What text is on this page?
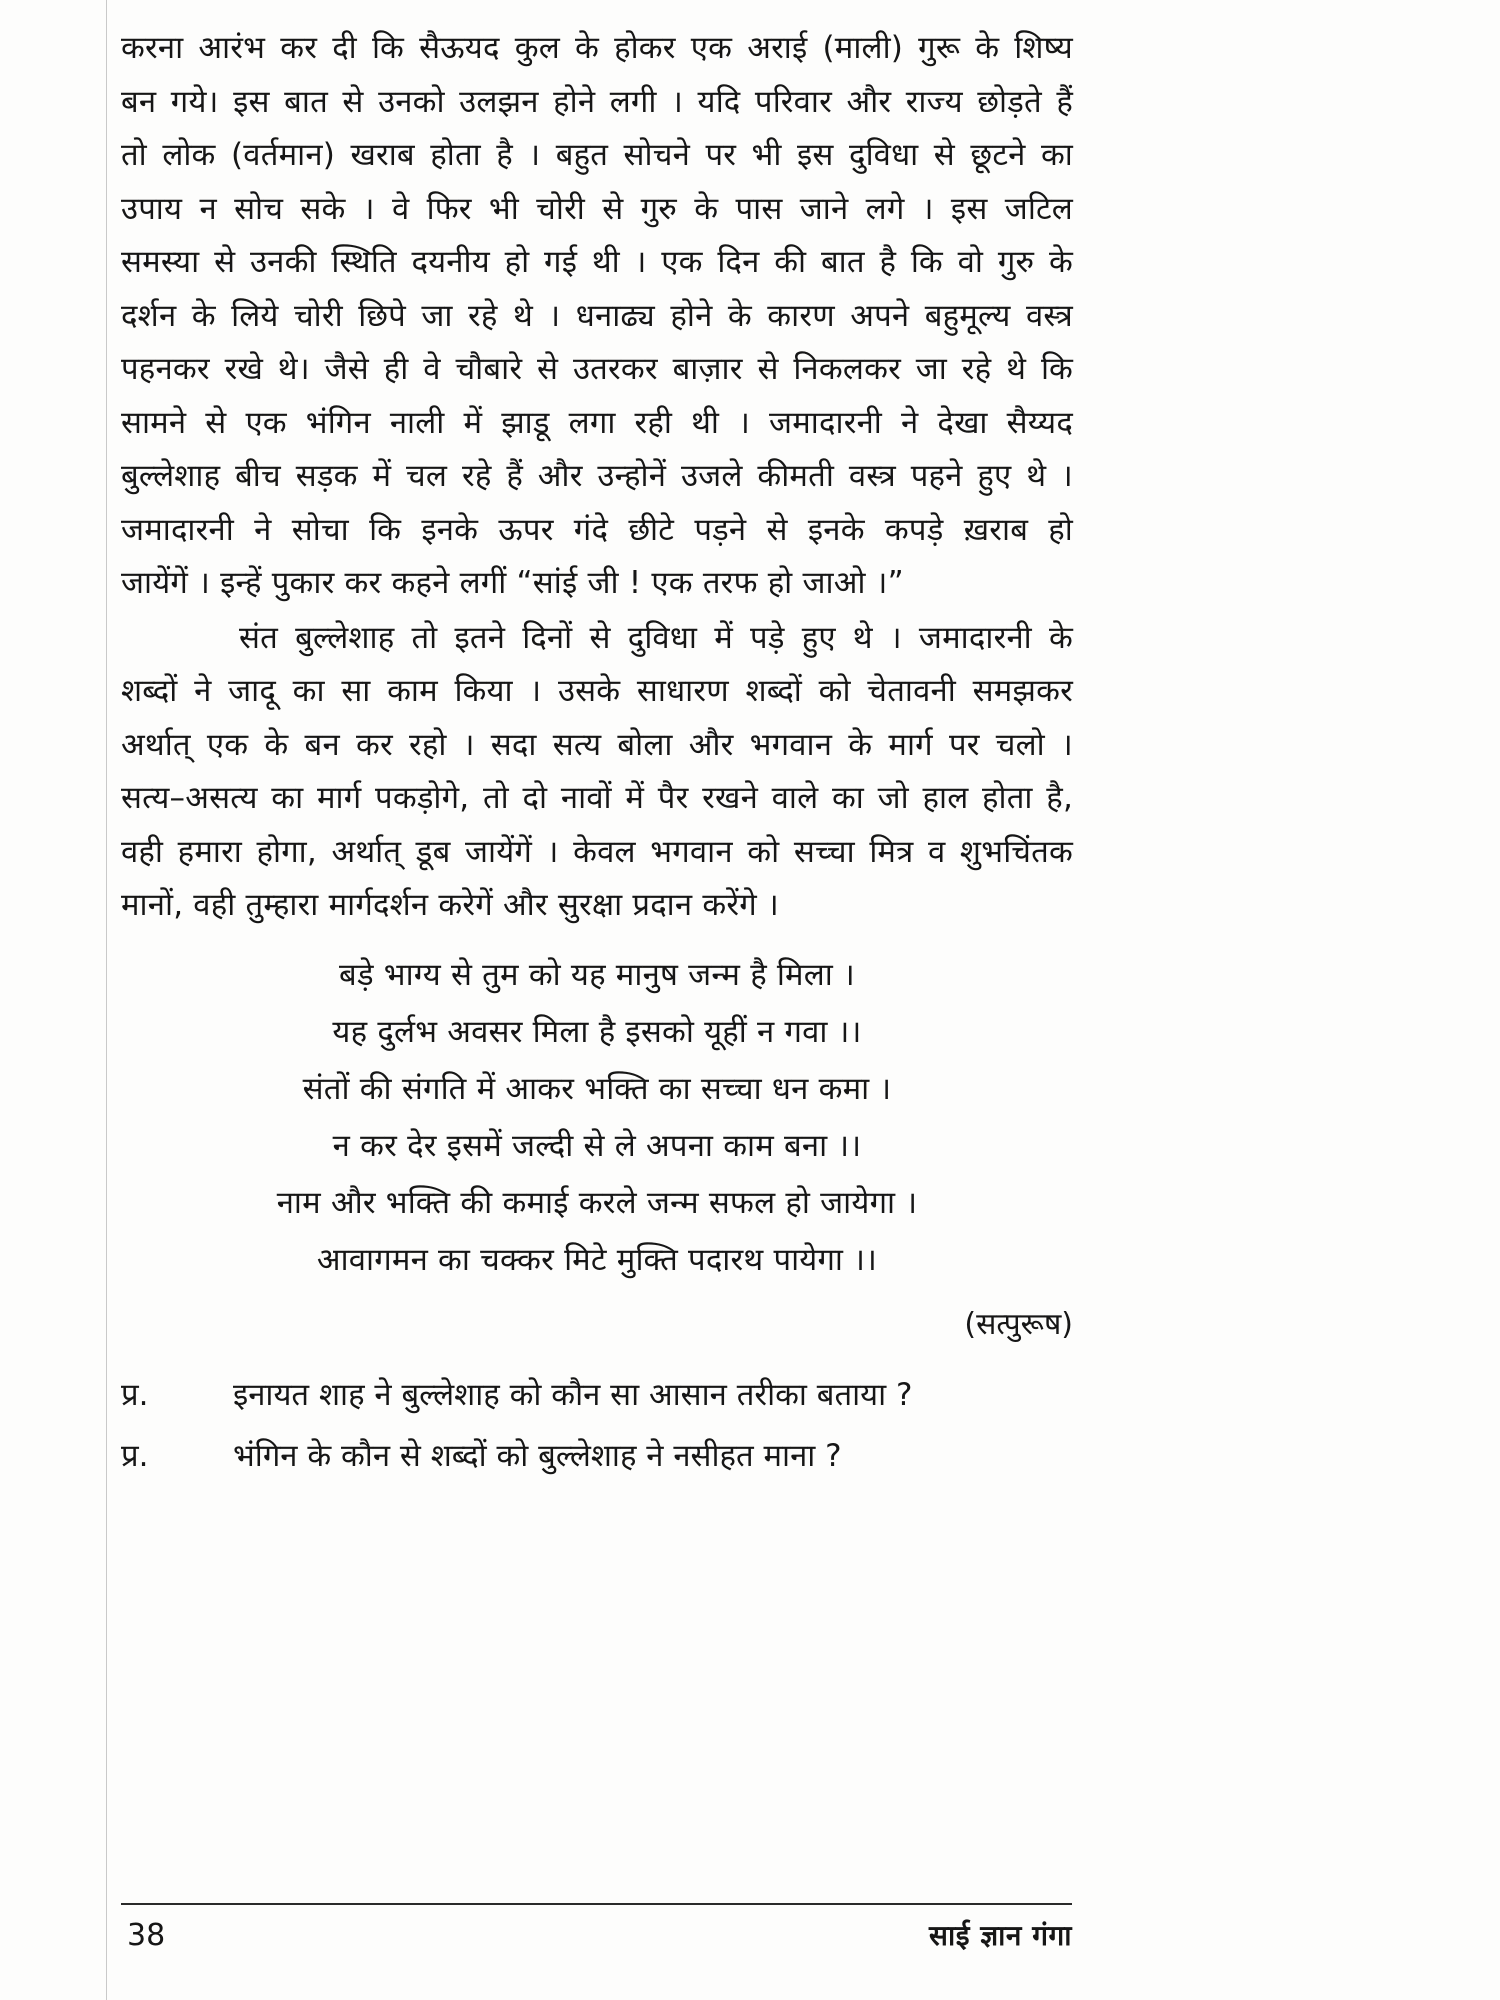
करना आरंभ कर दी कि सैऊयद कुल के होकर एक अराई (माली) गुरू के शिष्य
बन गये। इस बात से उनको उलझन होने लगी । यदि परिवार और राज्य छोड़ते हैं
तो लोक (वर्तमान) खराब होता है । बहुत सोचने पर भी इस दुविधा से छूटने का
उपाय न सोच सके । वे फिर भी चोरी से गुरु के पास जाने लगे । इस जटिल
समस्या से उनकी स्थिति दयनीय हो गई थी । एक दिन की बात है कि वो गुरु के
दर्शन के लिये चोरी छिपे जा रहे थे । धनाढ्य होने के कारण अपने बहुमूल्य वस्त्र
पहनकर रखे थे। जैसे ही वे चौबारे से उतरकर बाज़ार से निकलकर जा रहे थे कि
सामने से एक भंगिन नाली में झाडू लगा रही थी । जमादारनी ने देखा सैय्यद
बुल्लेशाह बीच सड़क में चल रहे हैं और उन्होनें उजले कीमती वस्त्र पहने हुए थे ।
जमादारनी ने सोचा कि इनके ऊपर गंदे छीटे पड़ने से इनके कपड़े ख़राब हो
जायेंगें । इन्हें पुकार कर कहने लगीं “सांई जी ! एक तरफ हो जाओ ।”
संत बुल्लेशाह तो इतने दिनों से दुविधा में पड़े हुए थे । जमादारनी के
शब्दों ने जादू का सा काम किया । उसके साधारण शब्दों को चेतावनी समझकर
अर्थात् एक के बन कर रहो । सदा सत्य बोला और भगवान के मार्ग पर चलो ।
सत्य–असत्य का मार्ग पकड़ोगे, तो दो नावों में पैर रखने वाले का जो हाल होता है,
वही हमारा होगा, अर्थात् डूब जायेंगें । केवल भगवान को सच्चा मित्र व शुभचिंतक
मानों, वही तुम्हारा मार्गदर्शन करेगें और सुरक्षा प्रदान करेंगे ।
बड़े भाग्य से तुम को यह मानुष जन्म है मिला ।
यह दुर्लभ अवसर मिला है इसको यूहीं न गवा ।।
संतों की संगति में आकर भक्ति का सच्चा धन कमा ।
न कर देर इसमें जल्दी से ले अपना काम बना ।।
नाम और भक्ति की कमाई करले जन्म सफल हो जायेगा ।
आवागमन का चक्कर मिटे मुक्ति पदारथ पायेगा ।।
(सत्पुरूष)
प्र.	इनायत शाह ने बुल्लेशाह को कौन सा आसान तरीका बताया ?
प्र.	भंगिन के कौन से शब्दों को बुल्लेशाह ने नसीहत माना ?
38	साई ज्ञान गंगा
